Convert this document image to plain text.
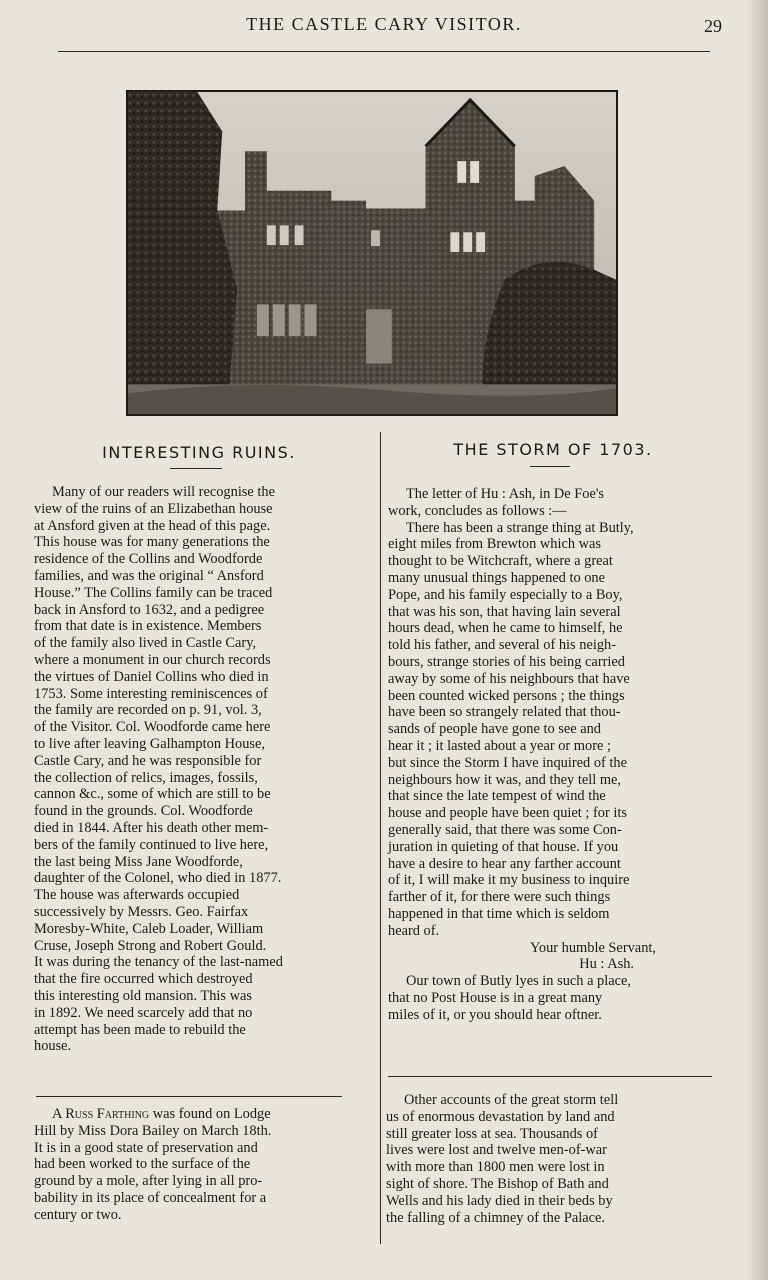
THE CASTLE CARY VISITOR.	29
INTERESTING RUINS.

Many of our readers will recognise the

view of the ruins of an Elizabethan house

at Ansford given at the head of this page.

This house was for many generations the

residence of the Collins and Woodforde

families, and was the original “ Ansford

House.” The Collins family can be traced

back in Ansford to 1632, and a pedigree

from that date is in existence. Members

of the family also lived in Castle Cary,

where a monument in our church records

the virtues of Daniel Collins who died in

1753. Some interesting reminiscences of

the family are recorded on p. 91, vol. 3,

of the Visitor. Col. Woodforde came here

to live after leaving Galhampton House,

Castle Cary, and he was responsible for

the collection of relics, images, fossils,

cannon &c., some of which are still to be

found in the grounds. Col. Woodforde

died in 1844. After his death other mem-

bers of the family continued to live here,

the last being Miss Jane Woodforde,

daughter of the Colonel, who died in 1877.

The house was afterwards occupied

successively by Messrs. Geo. Fairfax

Moresby-White, Caleb Loader, William

Cruse, Joseph Strong and Robert Gould.

It was during the tenancy of the last-named

that the fire occurred which destroyed

this interesting old mansion. This was

in 1892. We need scarcely add that no

attempt has been made to rebuild the

house.

A Russ Farthing was found on Lodge

Hill by Miss Dora Bailey on March 18th.

It is in a good state of preservation and

had been worked to the surface of the

ground by a mole, after lying in all pro-

bability in its place of concealment for a

century or two.

THE STORM OF 1703.

The letter of Hu : Ash, in De Foe's

work, concludes as follows :—

There has been a strange thing at Butly,

eight miles from Brewton which was

thought to be Witchcraft, where a great

many unusual things happened to one

Pope, and his family especially to a Boy,

that was his son, that having lain several

hours dead, when he came to himself, he

told his father, and several of his neigh-

bours, strange stories of his being carried

away by some of his neighbours that have

been counted wicked persons ; the things

have been so strangely related that thou-

sands of people have gone to see and

hear it ; it lasted about a year or more ;

but since the Storm I have inquired of the

neighbours how it was, and they tell me,

that since the late tempest of wind the

house and people have been quiet ; for its

generally said, that there was some Con-

juration in quieting of that house. If you

have a desire to hear any farther account

of it, I will make it my business to inquire

farther of it, for there were such things

happened in that time which is seldom

heard of.

Your humble Servant,

Hu : Ash.

Our town of Butly lyes in such a place,

that no Post House is in a great many

miles of it, or you should hear oftner.

Other accounts of the great storm tell

us of enormous devastation by land and

still greater loss at sea. Thousands of

lives were lost and twelve men-of-war

with more than 1800 men were lost in

sight of shore. The Bishop of Bath and

Wells and his lady died in their beds by

the falling of a chimney of the Palace.
